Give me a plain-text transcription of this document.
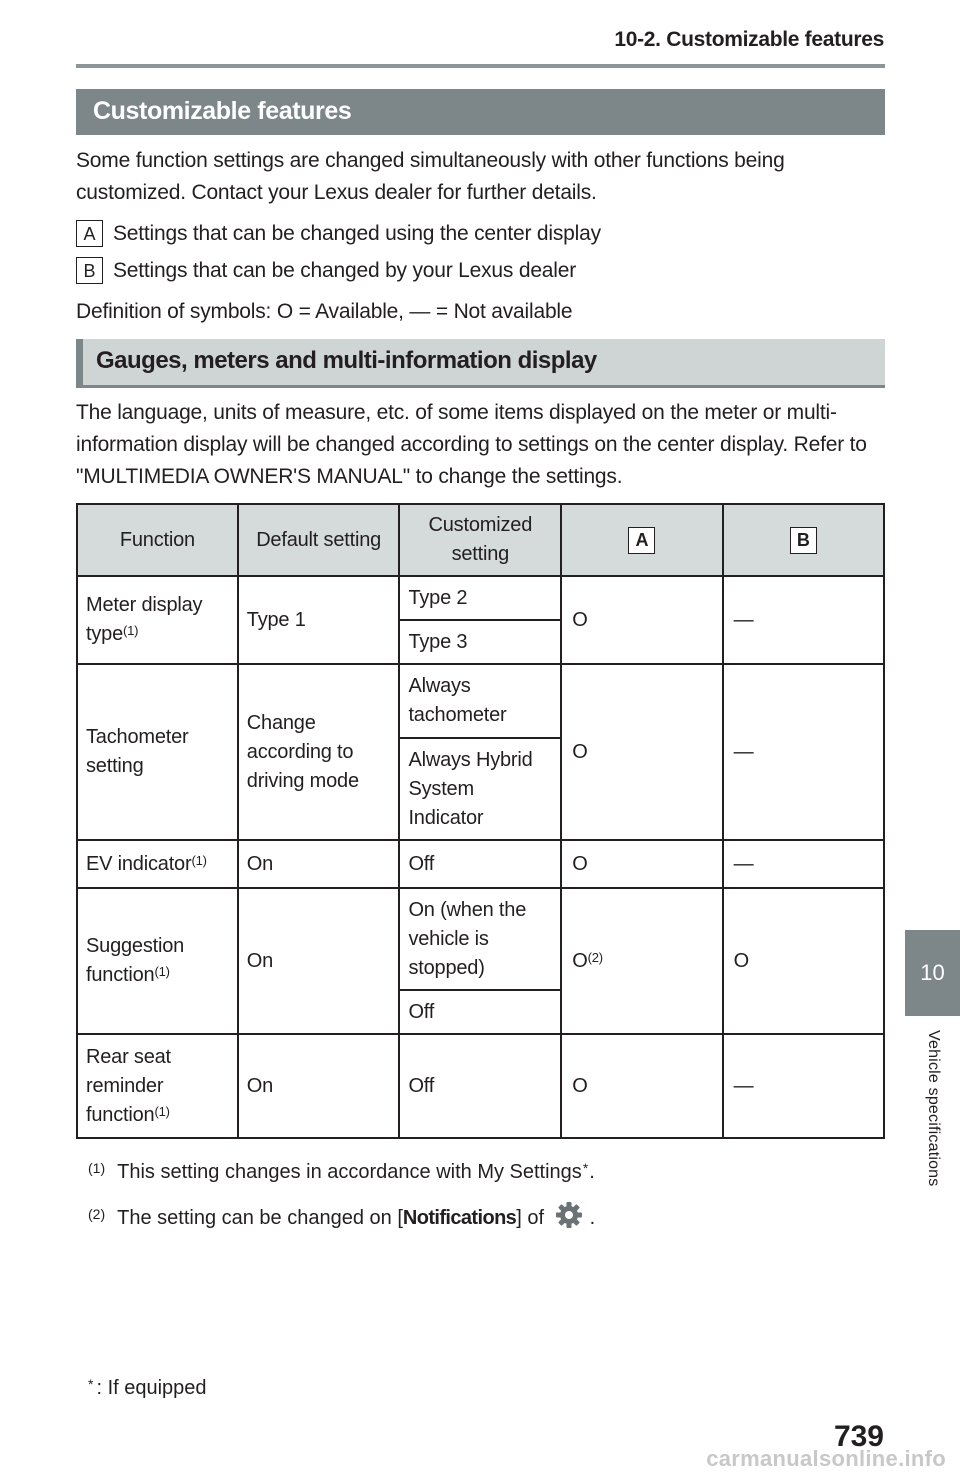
10-2. Customizable features
Customizable features
Some function settings are changed simultaneously with other functions being customized. Contact your Lexus dealer for further details.
A Settings that can be changed using the center display
B Settings that can be changed by your Lexus dealer
Definition of symbols: O = Available, — = Not available
Gauges, meters and multi-information display
The language, units of measure, etc. of some items displayed on the meter or multi-information display will be changed according to settings on the center display. Refer to "MULTIMEDIA OWNER'S MANUAL" to change the settings.
Function	Default setting	Customized setting	A	B
Meter display type$^{(1)}$	Type 1	Type 2	O	—
		Type 3		
Tachometer setting	Change according to driving mode	Always tachometer	O	—
		Always Hybrid System Indicator		
EV indicator$^{(1)}$	On	Off	O	—
Suggestion function$^{(1)}$	On	On (when the vehicle is stopped)	$O^{(2)}$	O
		Off		
Rear seat reminder function$^{(1)}$	On	Off	O	—
$^{(1)}$ This setting changes in accordance with My Settings*.
$^{(2)}$ The setting can be changed on [Notifications] of .
* : If equipped
10
Vehicle specifications
739
carmanualsonline.info
